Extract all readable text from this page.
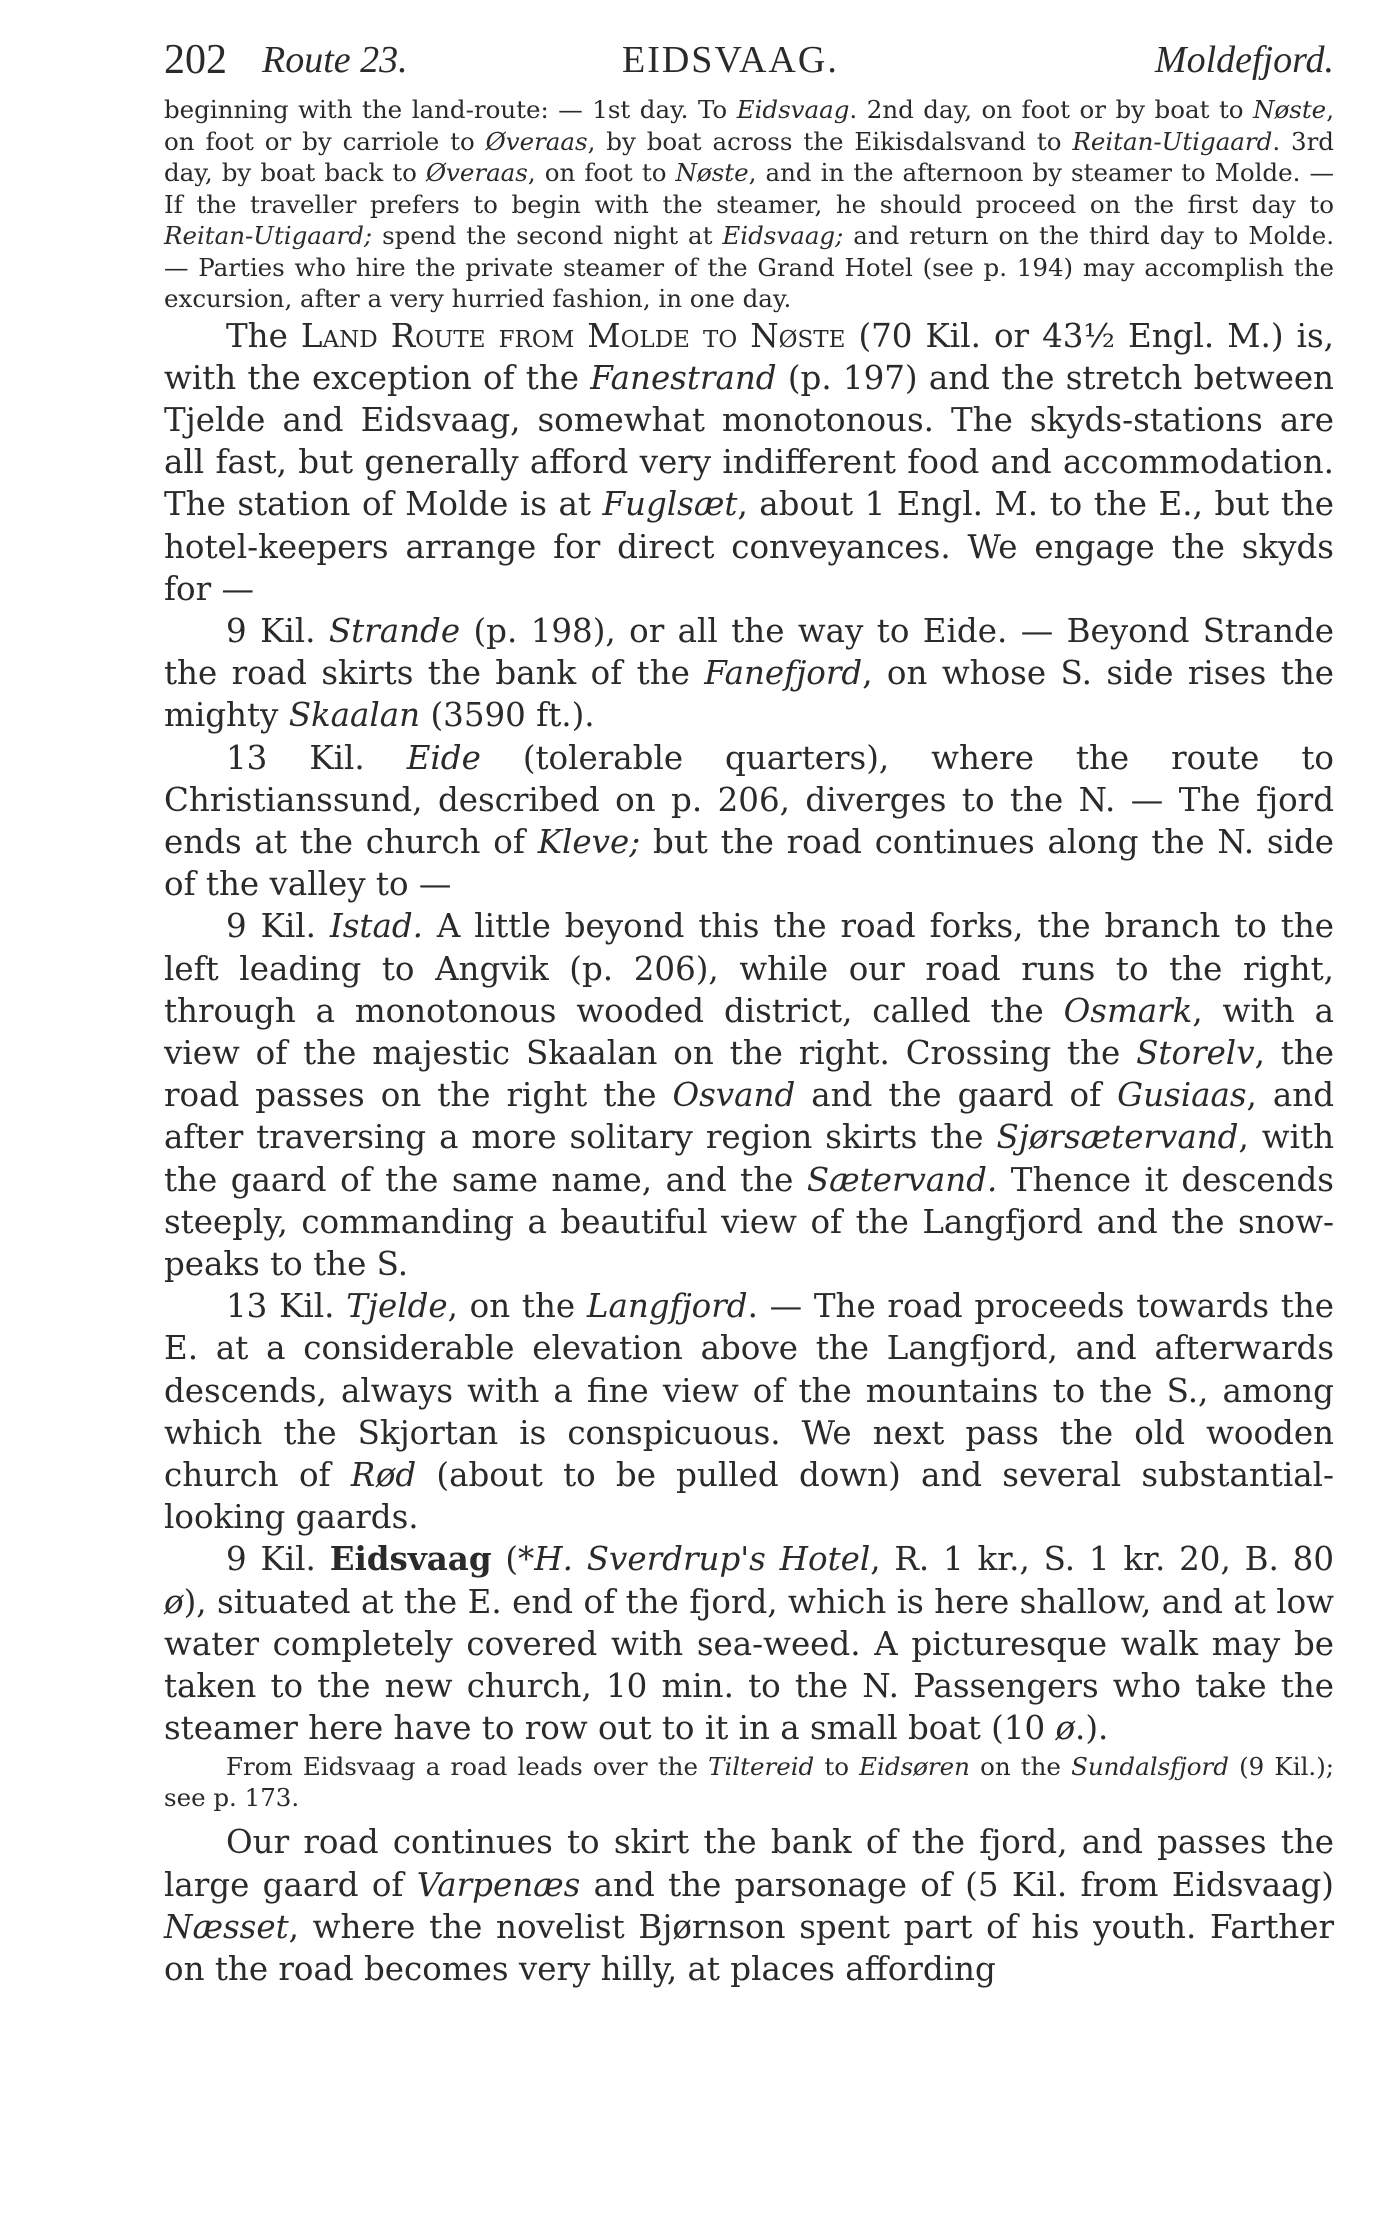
202 Route 23.	EIDSVAAG.	Moldefjord.

beginning with the land-route: — 1st day. To Eidsvaag. 2nd day, on foot or by boat to Nøste, on foot or by carriole to Øveraas, by boat across the Eikisdalsvand to Reitan-Utigaard. 3rd day, by boat back to Øveraas, on foot to Nøste, and in the afternoon by steamer to Molde. — If the traveller prefers to begin with the steamer, he should proceed on the first day to Reitan-Utigaard; spend the second night at Eidsvaag; and return on the third day to Molde. — Parties who hire the private steamer of the Grand Hotel (see p. 194) may accomplish the excursion, after a very hurried fashion, in one day.

The Land Route from Molde to Nøste (70 Kil. or 43½ Engl. M.) is, with the exception of the Fanestrand (p. 197) and the stretch between Tjelde and Eidsvaag, somewhat monotonous. The skyds-stations are all fast, but generally afford very indifferent food and accommodation. The station of Molde is at Fuglsæt, about 1 Engl. M. to the E., but the hotel-keepers arrange for direct conveyances. We engage the skyds for —

9 Kil. Strande (p. 198), or all the way to Eide. — Beyond Strande the road skirts the bank of the Fanefjord, on whose S. side rises the mighty Skaalan (3590 ft.).

13 Kil. Eide (tolerable quarters), where the route to Christianssund, described on p. 206, diverges to the N. — The fjord ends at the church of Kleve; but the road continues along the N. side of the valley to —

9 Kil. Istad. A little beyond this the road forks, the branch to the left leading to Angvik (p. 206), while our road runs to the right, through a monotonous wooded district, called the Osmark, with a view of the majestic Skaalan on the right. Crossing the Storelv, the road passes on the right the Osvand and the gaard of Gusiaas, and after traversing a more solitary region skirts the Sjørsætervand, with the gaard of the same name, and the Sætervand. Thence it descends steeply, commanding a beautiful view of the Langfjord and the snow-peaks to the S.

13 Kil. Tjelde, on the Langfjord. — The road proceeds towards the E. at a considerable elevation above the Langfjord, and afterwards descends, always with a fine view of the mountains to the S., among which the Skjortan is conspicuous. We next pass the old wooden church of Rød (about to be pulled down) and several substantial-looking gaards.

9 Kil. Eidsvaag (*H. Sverdrup's Hotel, R. 1 kr., S. 1 kr. 20, B. 80 ø), situated at the E. end of the fjord, which is here shallow, and at low water completely covered with sea-weed. A picturesque walk may be taken to the new church, 10 min. to the N. Passengers who take the steamer here have to row out to it in a small boat (10 ø.).

From Eidsvaag a road leads over the Tiltereid to Eidsøren on the Sundalsfjord (9 Kil.); see p. 173.

Our road continues to skirt the bank of the fjord, and passes the large gaard of Varpenæs and the parsonage of (5 Kil. from Eidsvaag) Næsset, where the novelist Bjørnson spent part of his youth. Farther on the road becomes very hilly, at places affording
